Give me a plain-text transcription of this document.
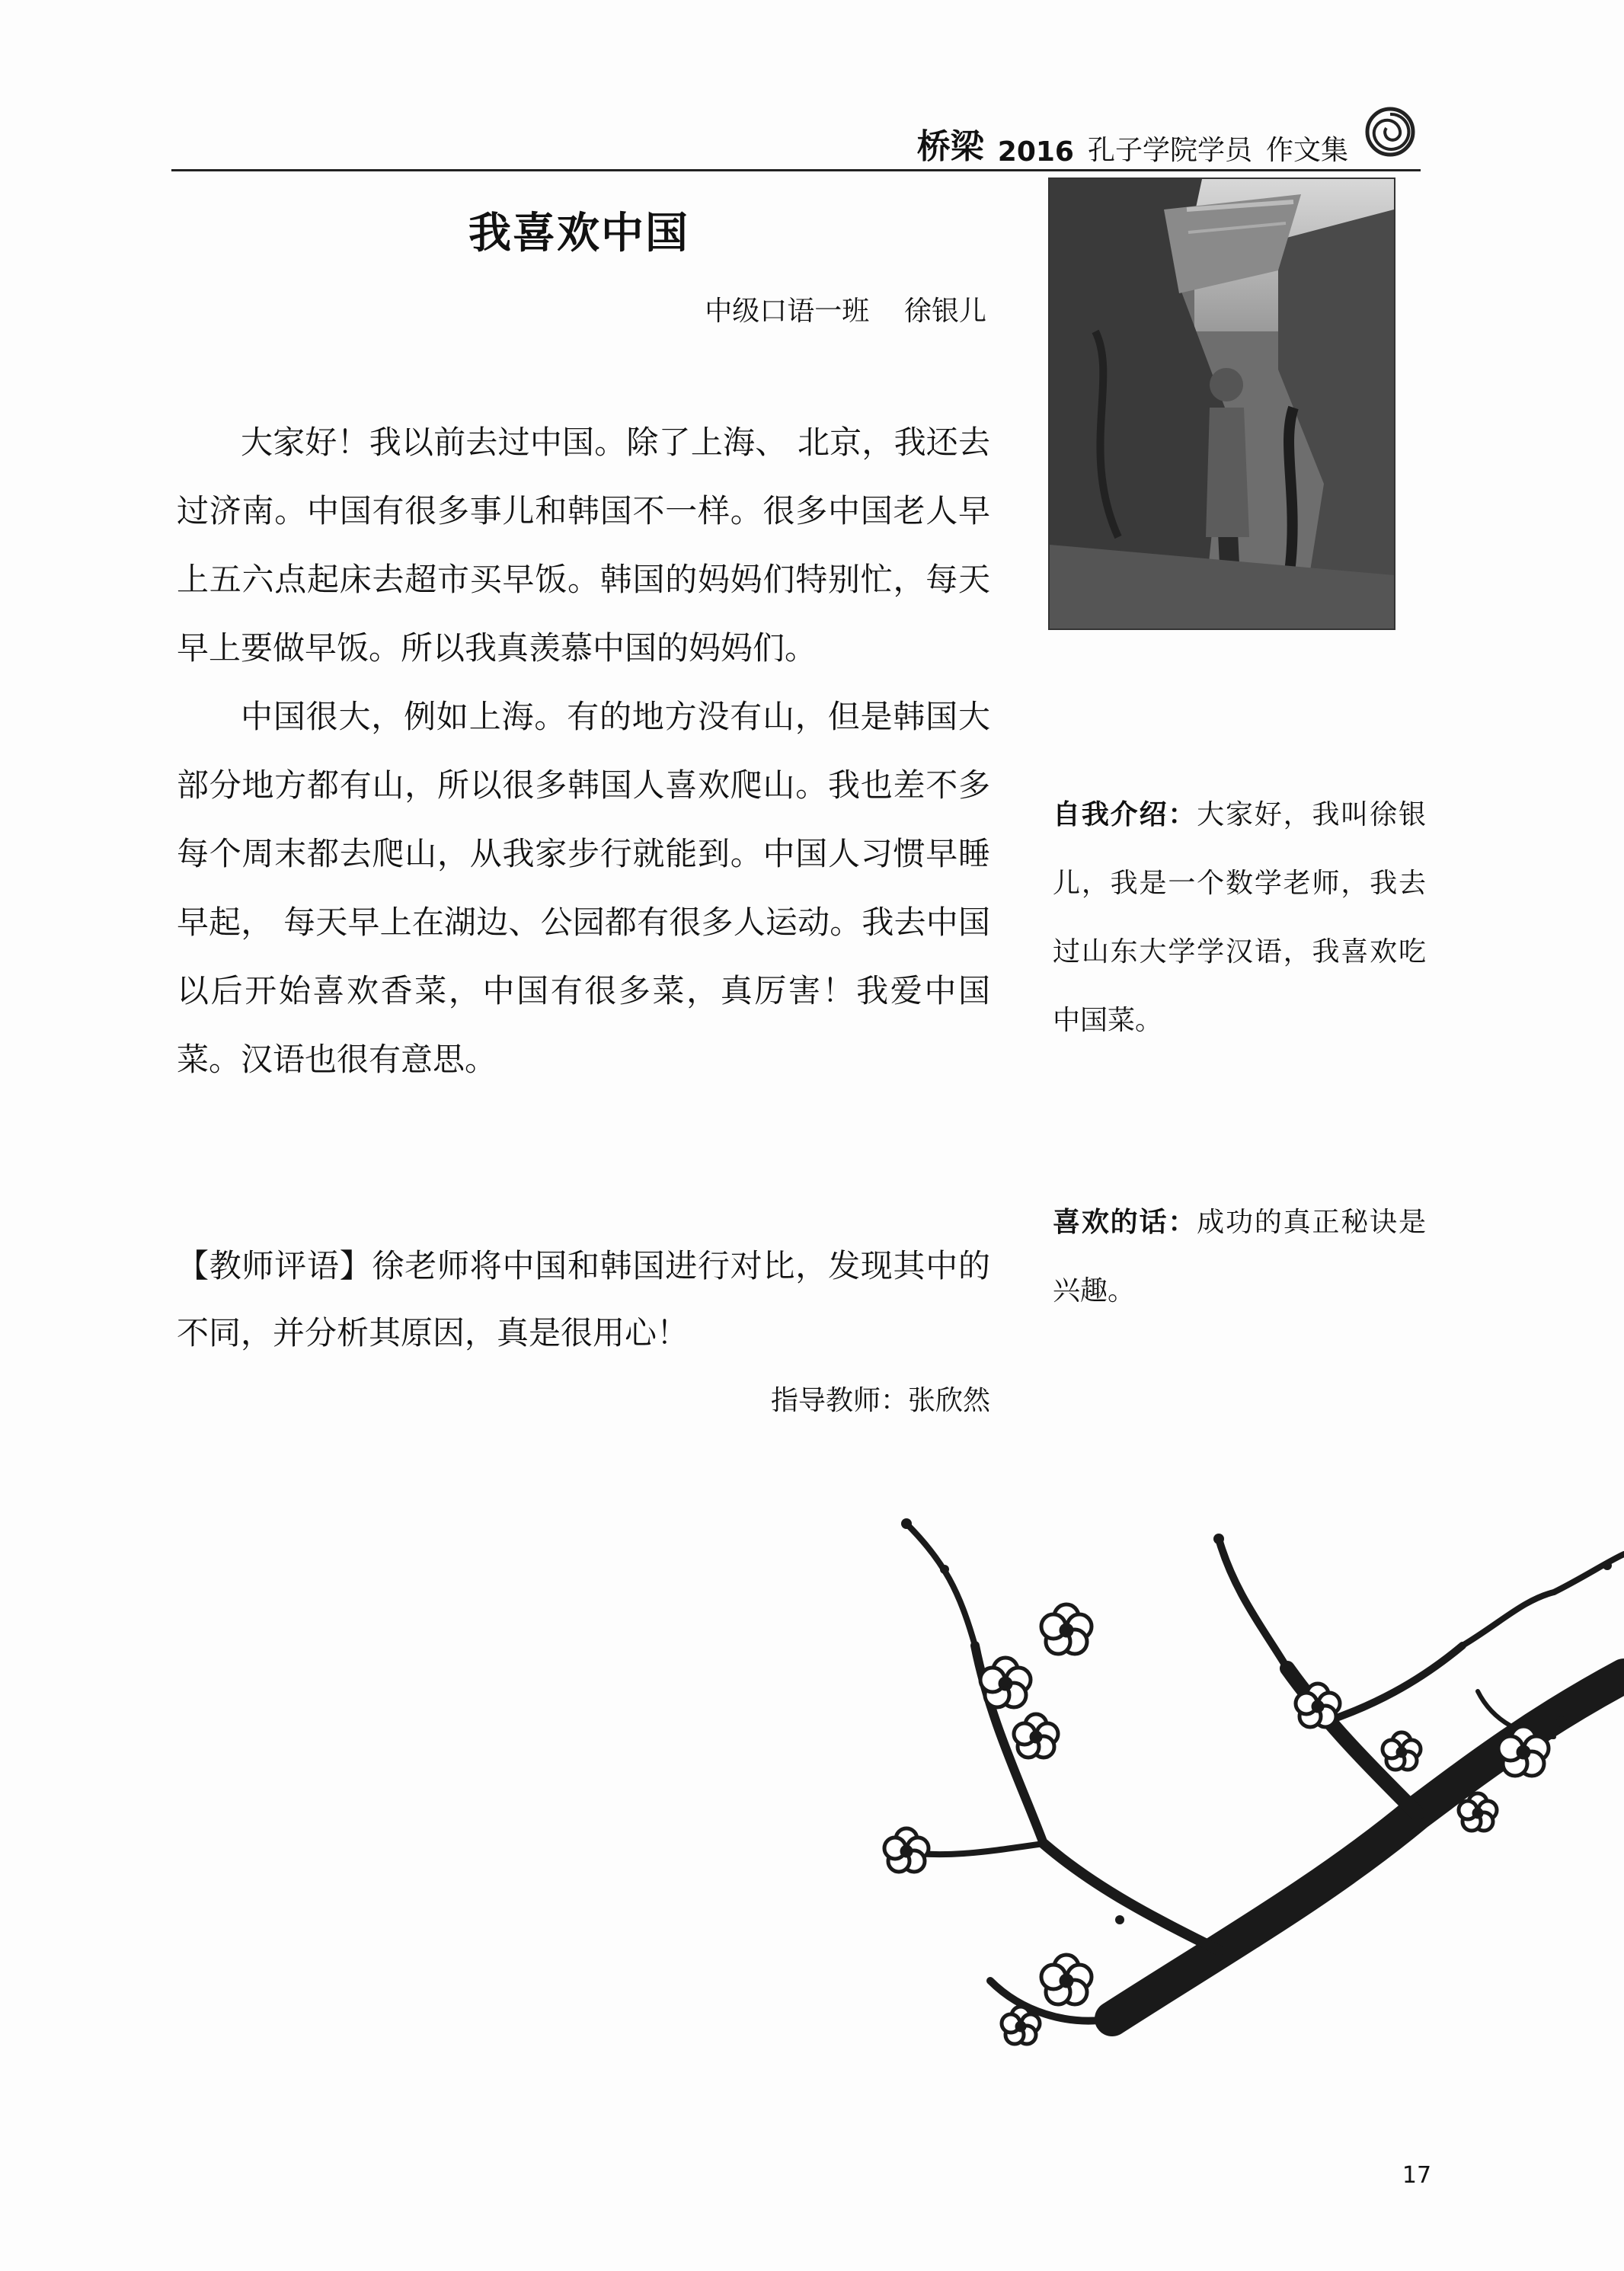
桥梁 2016 孔子学院学员 作文集
我喜欢中国
中级口语一班 徐银儿

大家好！我以前去过中国。除了上海、 北京，我还去过济南。中国有很多事儿和韩国不一样。很多中国老人早上五六点起床去超市买早饭。韩国的妈妈们特别忙，每天早上要做早饭。所以我真羡慕中国的妈妈们。

中国很大，例如上海。有的地方没有山，但是韩国大部分地方都有山，所以很多韩国人喜欢爬山。我也差不多每个周末都去爬山，从我家步行就能到。中国人习惯早睡早起， 每天早上在湖边、公园都有很多人运动。我去中国以后开始喜欢香菜，中国有很多菜，真厉害！我爱中国菜。汉语也很有意思。

【教师评语】徐老师将中国和韩国进行对比，发现其中的不同，并分析其原因，真是很用心！
指导教师：张欣然
自我介绍：大家好，我叫徐银儿，我是一个数学老师，我去过山东大学学汉语，我喜欢吃中国菜。
喜欢的话：成功的真正秘诀是兴趣。
17
